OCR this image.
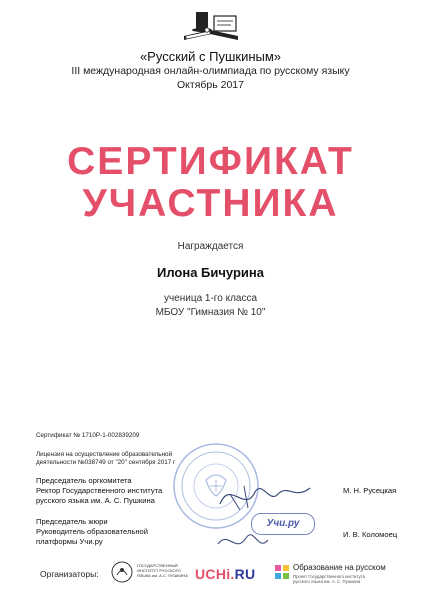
«Русский с Пушкиным»
III международная онлайн-олимпиада по русскому языку
Октябрь 2017
СЕРТИФИКАТ
УЧАСТНИКА
Награждается
Илона Бичурина
ученица 1-го класса
МБОУ "Гимназия № 10"
Сертификат № 1710Р-1-002839209
Лицензия на осуществление образовательной
деятельности №038749 от "20" сентября 2017 г
Председатель оргкомитета
Ректор Государственного института
русского языка им. А. С. Пушкина
М. Н. Русецкая
Учи.ру
Председатель жюри
Руководитель образовательной
платформы Учи.ру
И. В. Коломоец
Организаторы:
ГОСУДАРСТВЕННЫЙ ИНСТИТУТ РУССКОГО ЯЗЫКА им. А.С. ПУШКИНА UCHi.RU	Образование на русском
Проект Государственного института русского языка им. А. С. Пушкина
